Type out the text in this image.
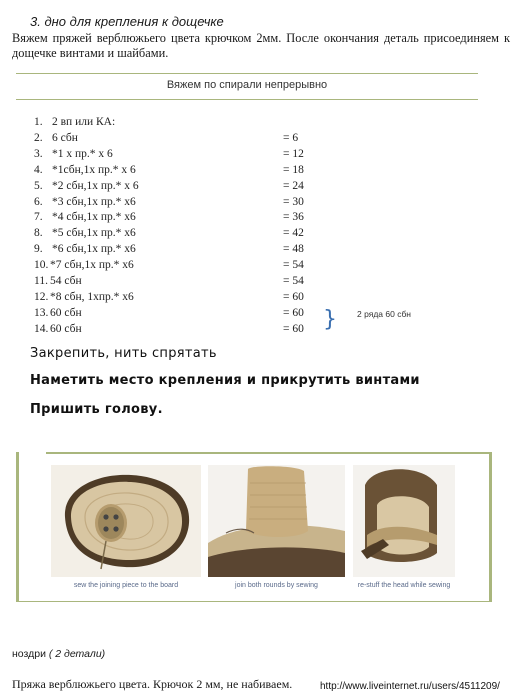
3. дно для крепления к дощечке
Вяжем пряжей верблюжьего цвета крючком 2мм. После окончания деталь присоединяем к дощечке винтами и шайбами.
Вяжем по спирали непрерывно
1. 2 вп или КА:
2. 6 сбн	= 6
3. *1 х пр.* х 6	= 12
4. *1сбн,1х пр.* х 6	= 18
5. *2 сбн,1х пр.* х 6	= 24
6. *3 сбн,1х пр.* х6	= 30
7. *4 сбн,1х пр.* х6	= 36
8. *5 сбн,1х пр.* х6	= 42
9. *6 сбн,1х пр.* х6	= 48
10. *7 сбн,1х пр.* х6	= 54
11. 54 сбн	= 54
12. *8 сбн, 1хпр.* х6	= 60
13. 60 сбн	= 60
14. 60 сбн	= 60 } 2 ряда 60 сбн
Закрепить, нить спрятать
Наметить место крепления и прикрутить винтами
Пришить голову.
sew the joining piece to the board	join both rounds by sewing	re-stuff the head while sewing
ноздри ( 2 детали)
Пряжа верблюжьего цвета. Крючок 2 мм, не набиваем.	http://www.liveinternet.ru/users/4511209/
